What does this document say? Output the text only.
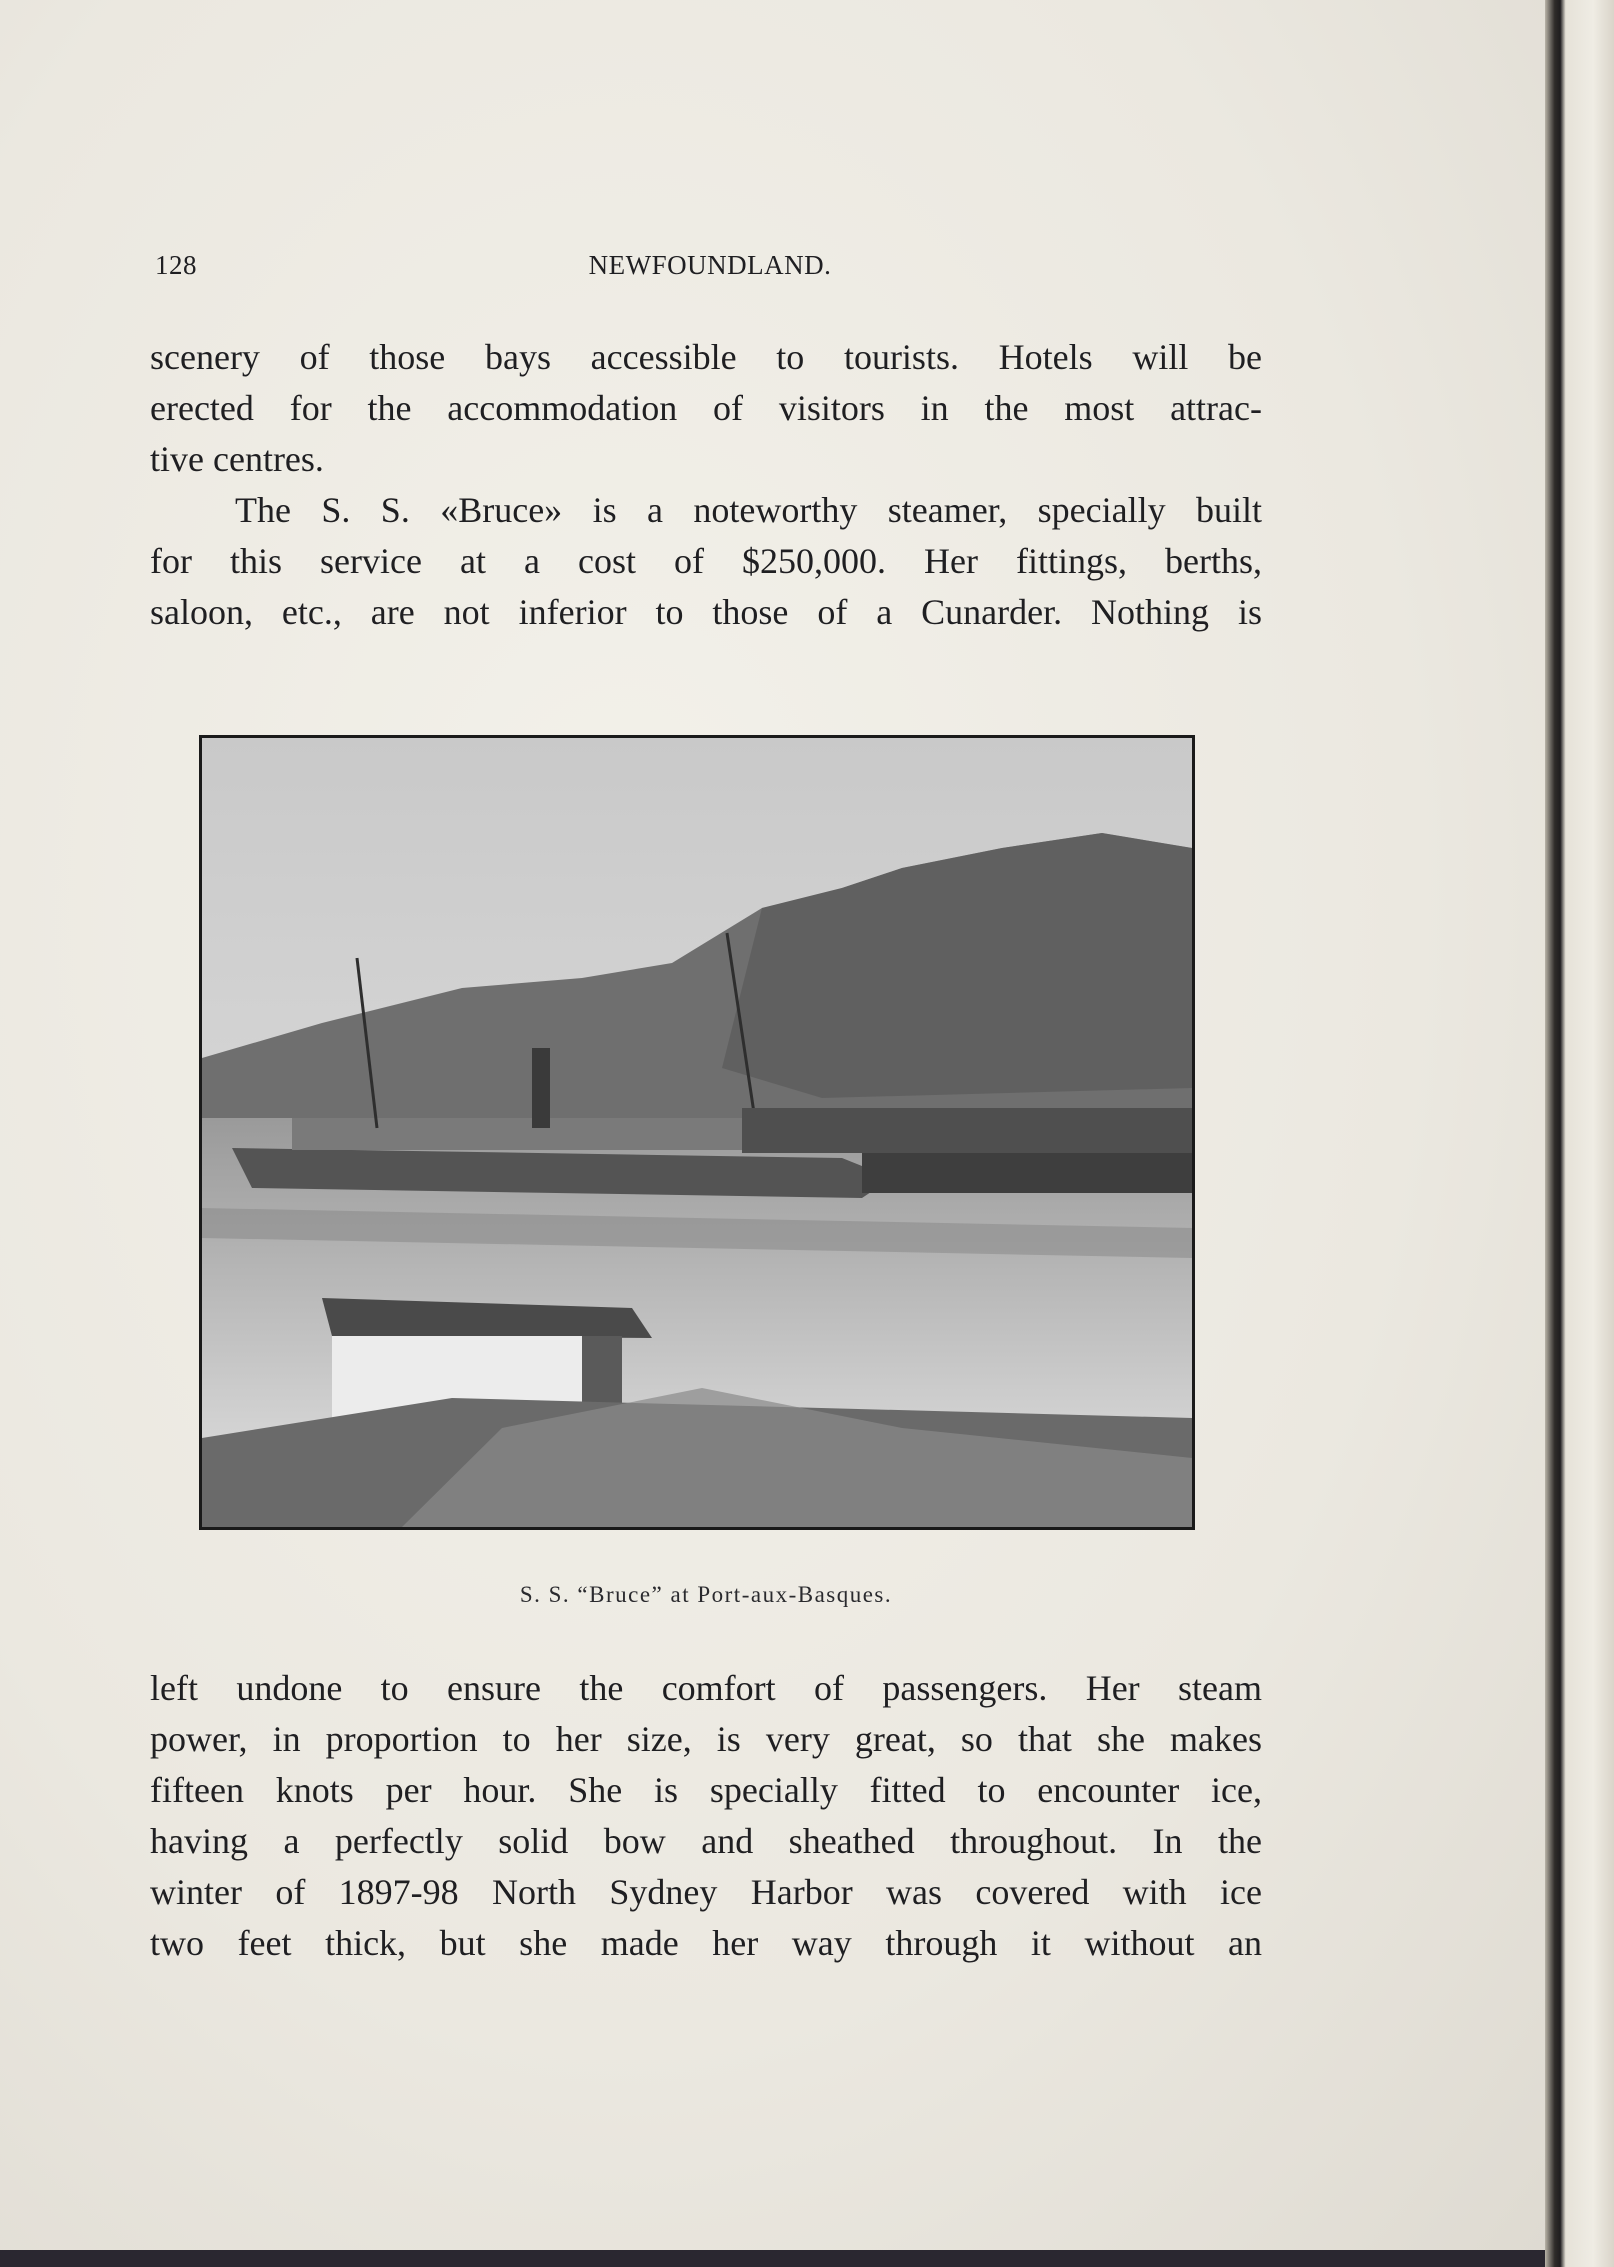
128	NEWFOUNDLAND.

scenery of those bays accessible to tourists. Hotels will be
erected for the accommodation of visitors in the most attrac-
tive centres.

The S. S. «Bruce» is a noteworthy steamer, specially built
for this service at a cost of $250,000. Her fittings, berths,
saloon, etc., are not inferior to those of a Cunarder. Nothing is

S. S. “Bruce” at Port-aux-Basques.

left undone to ensure the comfort of passengers. Her steam
power, in proportion to her size, is very great, so that she makes
fifteen knots per hour. She is specially fitted to encounter ice,
having a perfectly solid bow and sheathed throughout. In the
winter of 1897-98 North Sydney Harbor was covered with ice
two feet thick, but she made her way through it without an
